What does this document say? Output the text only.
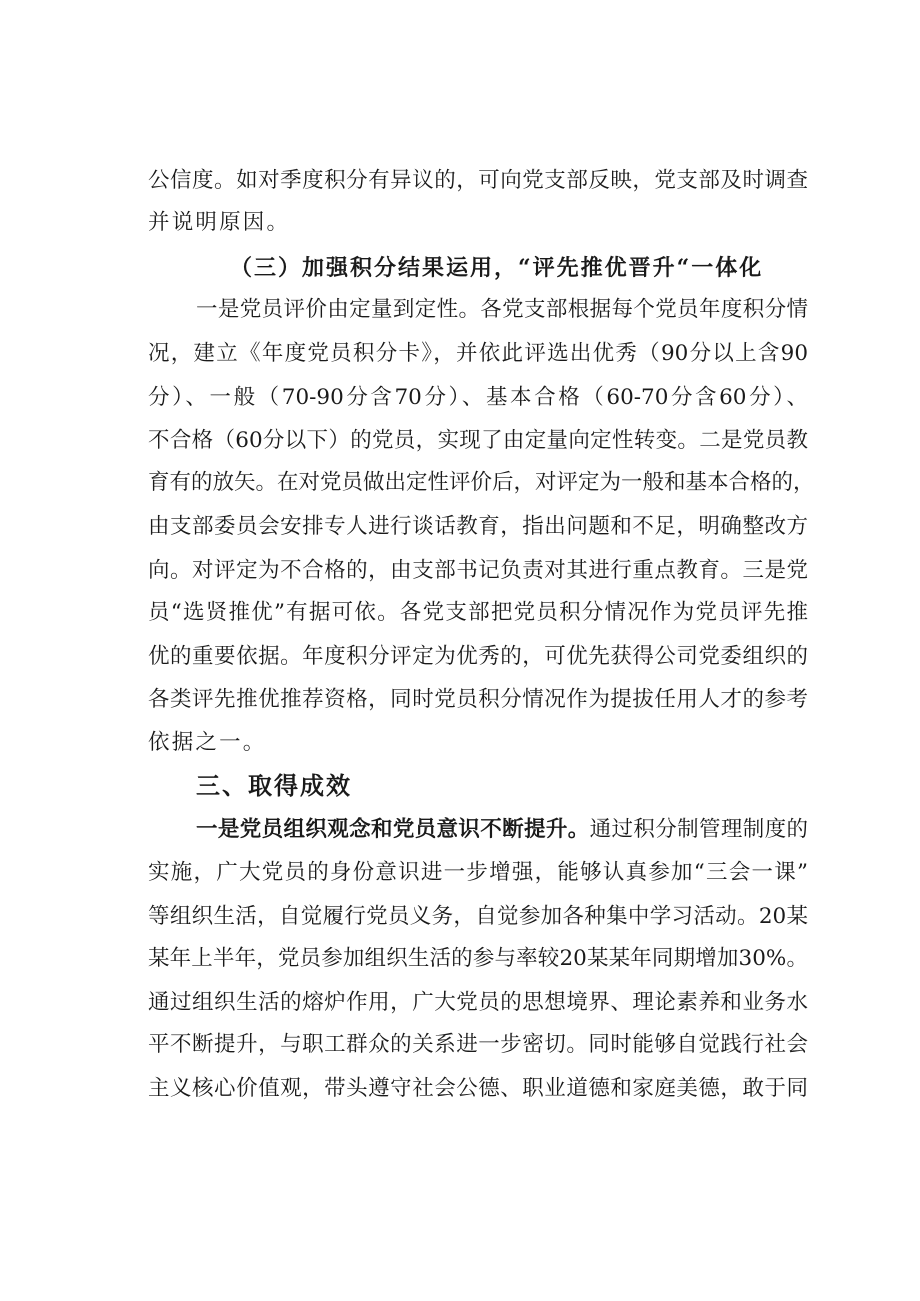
公信度。如对季度积分有异议的，可向党支部反映，党支部及时调查
并说明原因。
（三）加强积分结果运用，“评先推优晋升“一体化
一是党员评价由定量到定性。各党支部根据每个党员年度积分情
况，建立《年度党员积分卡》，并依此评选出优秀（90分以上含90
分）、一般（70-90分含70分）、基本合格（60-70分含60分）、
不合格（60分以下）的党员，实现了由定量向定性转变。二是党员教
育有的放矢。在对党员做出定性评价后，对评定为一般和基本合格的，
由支部委员会安排专人进行谈话教育，指出问题和不足，明确整改方
向。对评定为不合格的，由支部书记负责对其进行重点教育。三是党
员“选贤推优”有据可依。各党支部把党员积分情况作为党员评先推
优的重要依据。年度积分评定为优秀的，可优先获得公司党委组织的
各类评先推优推荐资格，同时党员积分情况作为提拔任用人才的参考
依据之一。
三、取得成效
一是党员组织观念和党员意识不断提升。通过积分制管理制度的
实施，广大党员的身份意识进一步增强，能够认真参加“三会一课”
等组织生活，自觉履行党员义务，自觉参加各种集中学习活动。20某
某年上半年，党员参加组织生活的参与率较20某某年同期增加30%。
通过组织生活的熔炉作用，广大党员的思想境界、理论素养和业务水
平不断提升，与职工群众的关系进一步密切。同时能够自觉践行社会
主义核心价值观，带头遵守社会公德、职业道德和家庭美德，敢于同
